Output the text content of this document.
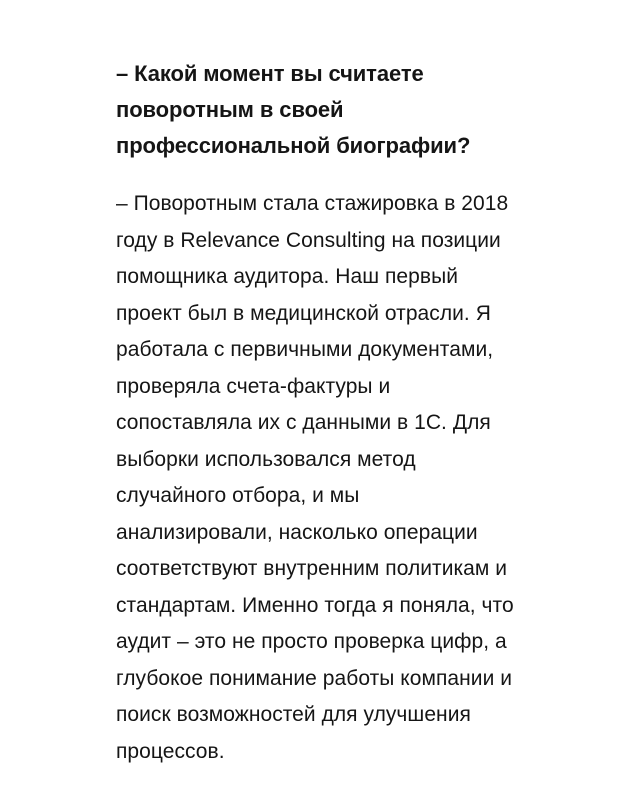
– Какой момент вы считаете
поворотным в своей
профессиональной биографии?

– Поворотным стала стажировка в 2018
году в Relevance Consulting на позиции
помощника аудитора. Наш первый
проект был в медицинской отрасли. Я
работала с первичными документами,
проверяла счета-фактуры и
сопоставляла их с данными в 1С. Для
выборки использовался метод
случайного отбора, и мы
анализировали, насколько операции
соответствуют внутренним политикам и
стандартам. Именно тогда я поняла, что
аудит – это не просто проверка цифр, а
глубокое понимание работы компании и
поиск возможностей для улучшения
процессов.
